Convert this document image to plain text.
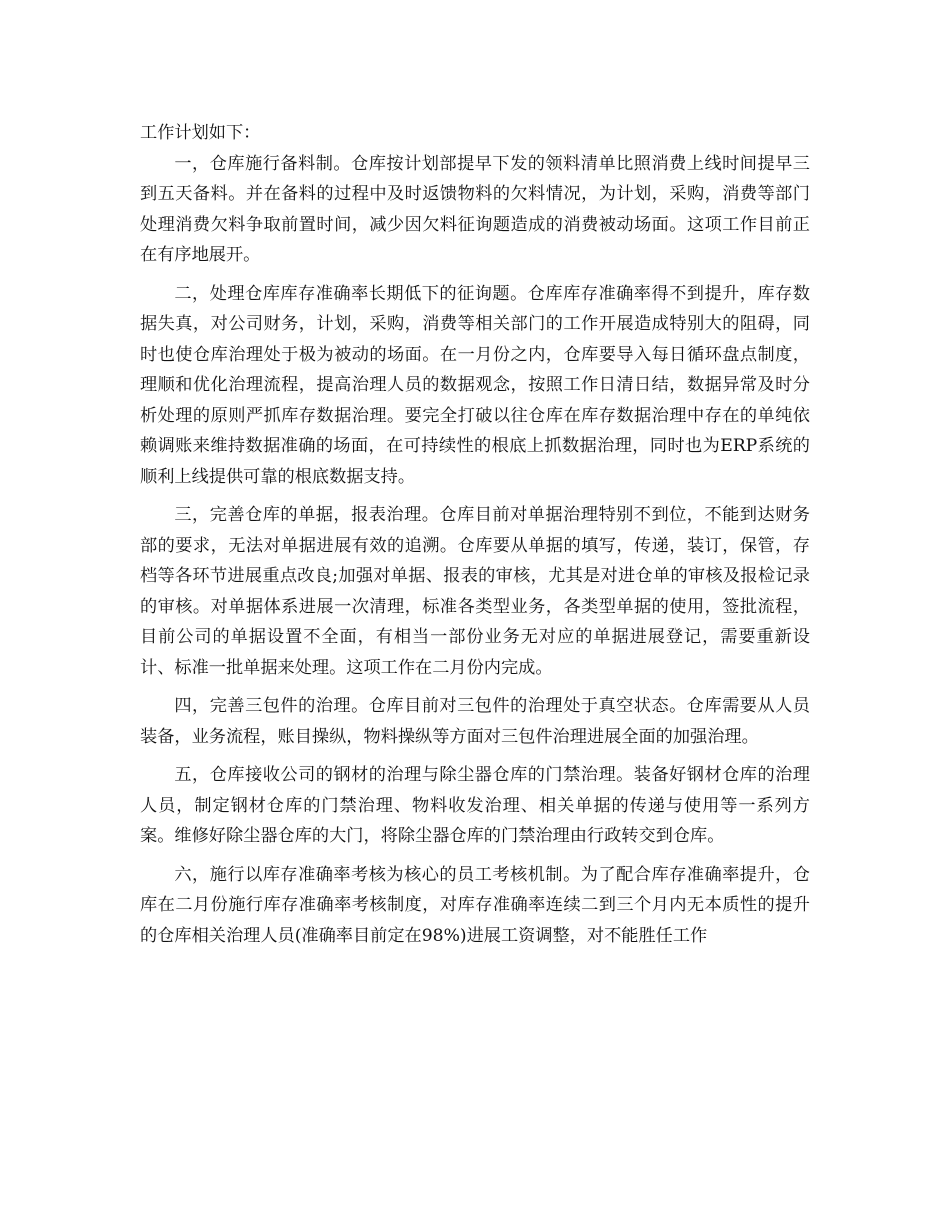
工作计划如下：

一，仓库施行备料制。仓库按计划部提早下发的领料清单比照消费上线时间提早三到五天备料。并在备料的过程中及时返馈物料的欠料情况，为计划，采购，消费等部门处理消费欠料争取前置时间，减少因欠料征询题造成的消费被动场面。这项工作目前正在有序地展开。

二，处理仓库库存准确率长期低下的征询题。仓库库存准确率得不到提升，库存数据失真，对公司财务，计划，采购，消费等相关部门的工作开展造成特别大的阻碍，同时也使仓库治理处于极为被动的场面。在一月份之内，仓库要导入每日循环盘点制度，理顺和优化治理流程，提高治理人员的数据观念，按照工作日清日结，数据异常及时分析处理的原则严抓库存数据治理。要完全打破以往仓库在库存数据治理中存在的单纯依赖调账来维持数据准确的场面，在可持续性的根底上抓数据治理，同时也为ERP系统的顺利上线提供可靠的根底数据支持。

三，完善仓库的单据，报表治理。仓库目前对单据治理特别不到位，不能到达财务部的要求，无法对单据进展有效的追溯。仓库要从单据的填写，传递，装订，保管，存档等各环节进展重点改良;加强对单据、报表的审核，尤其是对进仓单的审核及报检记录的审核。对单据体系进展一次清理，标准各类型业务，各类型单据的使用，签批流程，目前公司的单据设置不全面，有相当一部份业务无对应的单据进展登记，需要重新设计、标准一批单据来处理。这项工作在二月份内完成。

四，完善三包件的治理。仓库目前对三包件的治理处于真空状态。仓库需要从人员装备，业务流程，账目操纵，物料操纵等方面对三包件治理进展全面的加强治理。

五，仓库接收公司的钢材的治理与除尘器仓库的门禁治理。装备好钢材仓库的治理人员，制定钢材仓库的门禁治理、物料收发治理、相关单据的传递与使用等一系列方案。维修好除尘器仓库的大门，将除尘器仓库的门禁治理由行政转交到仓库。

六，施行以库存准确率考核为核心的员工考核机制。为了配合库存准确率提升，仓库在二月份施行库存准确率考核制度，对库存准确率连续二到三个月内无本质性的提升的仓库相关治理人员(准确率目前定在98%)进展工资调整，对不能胜任工作
